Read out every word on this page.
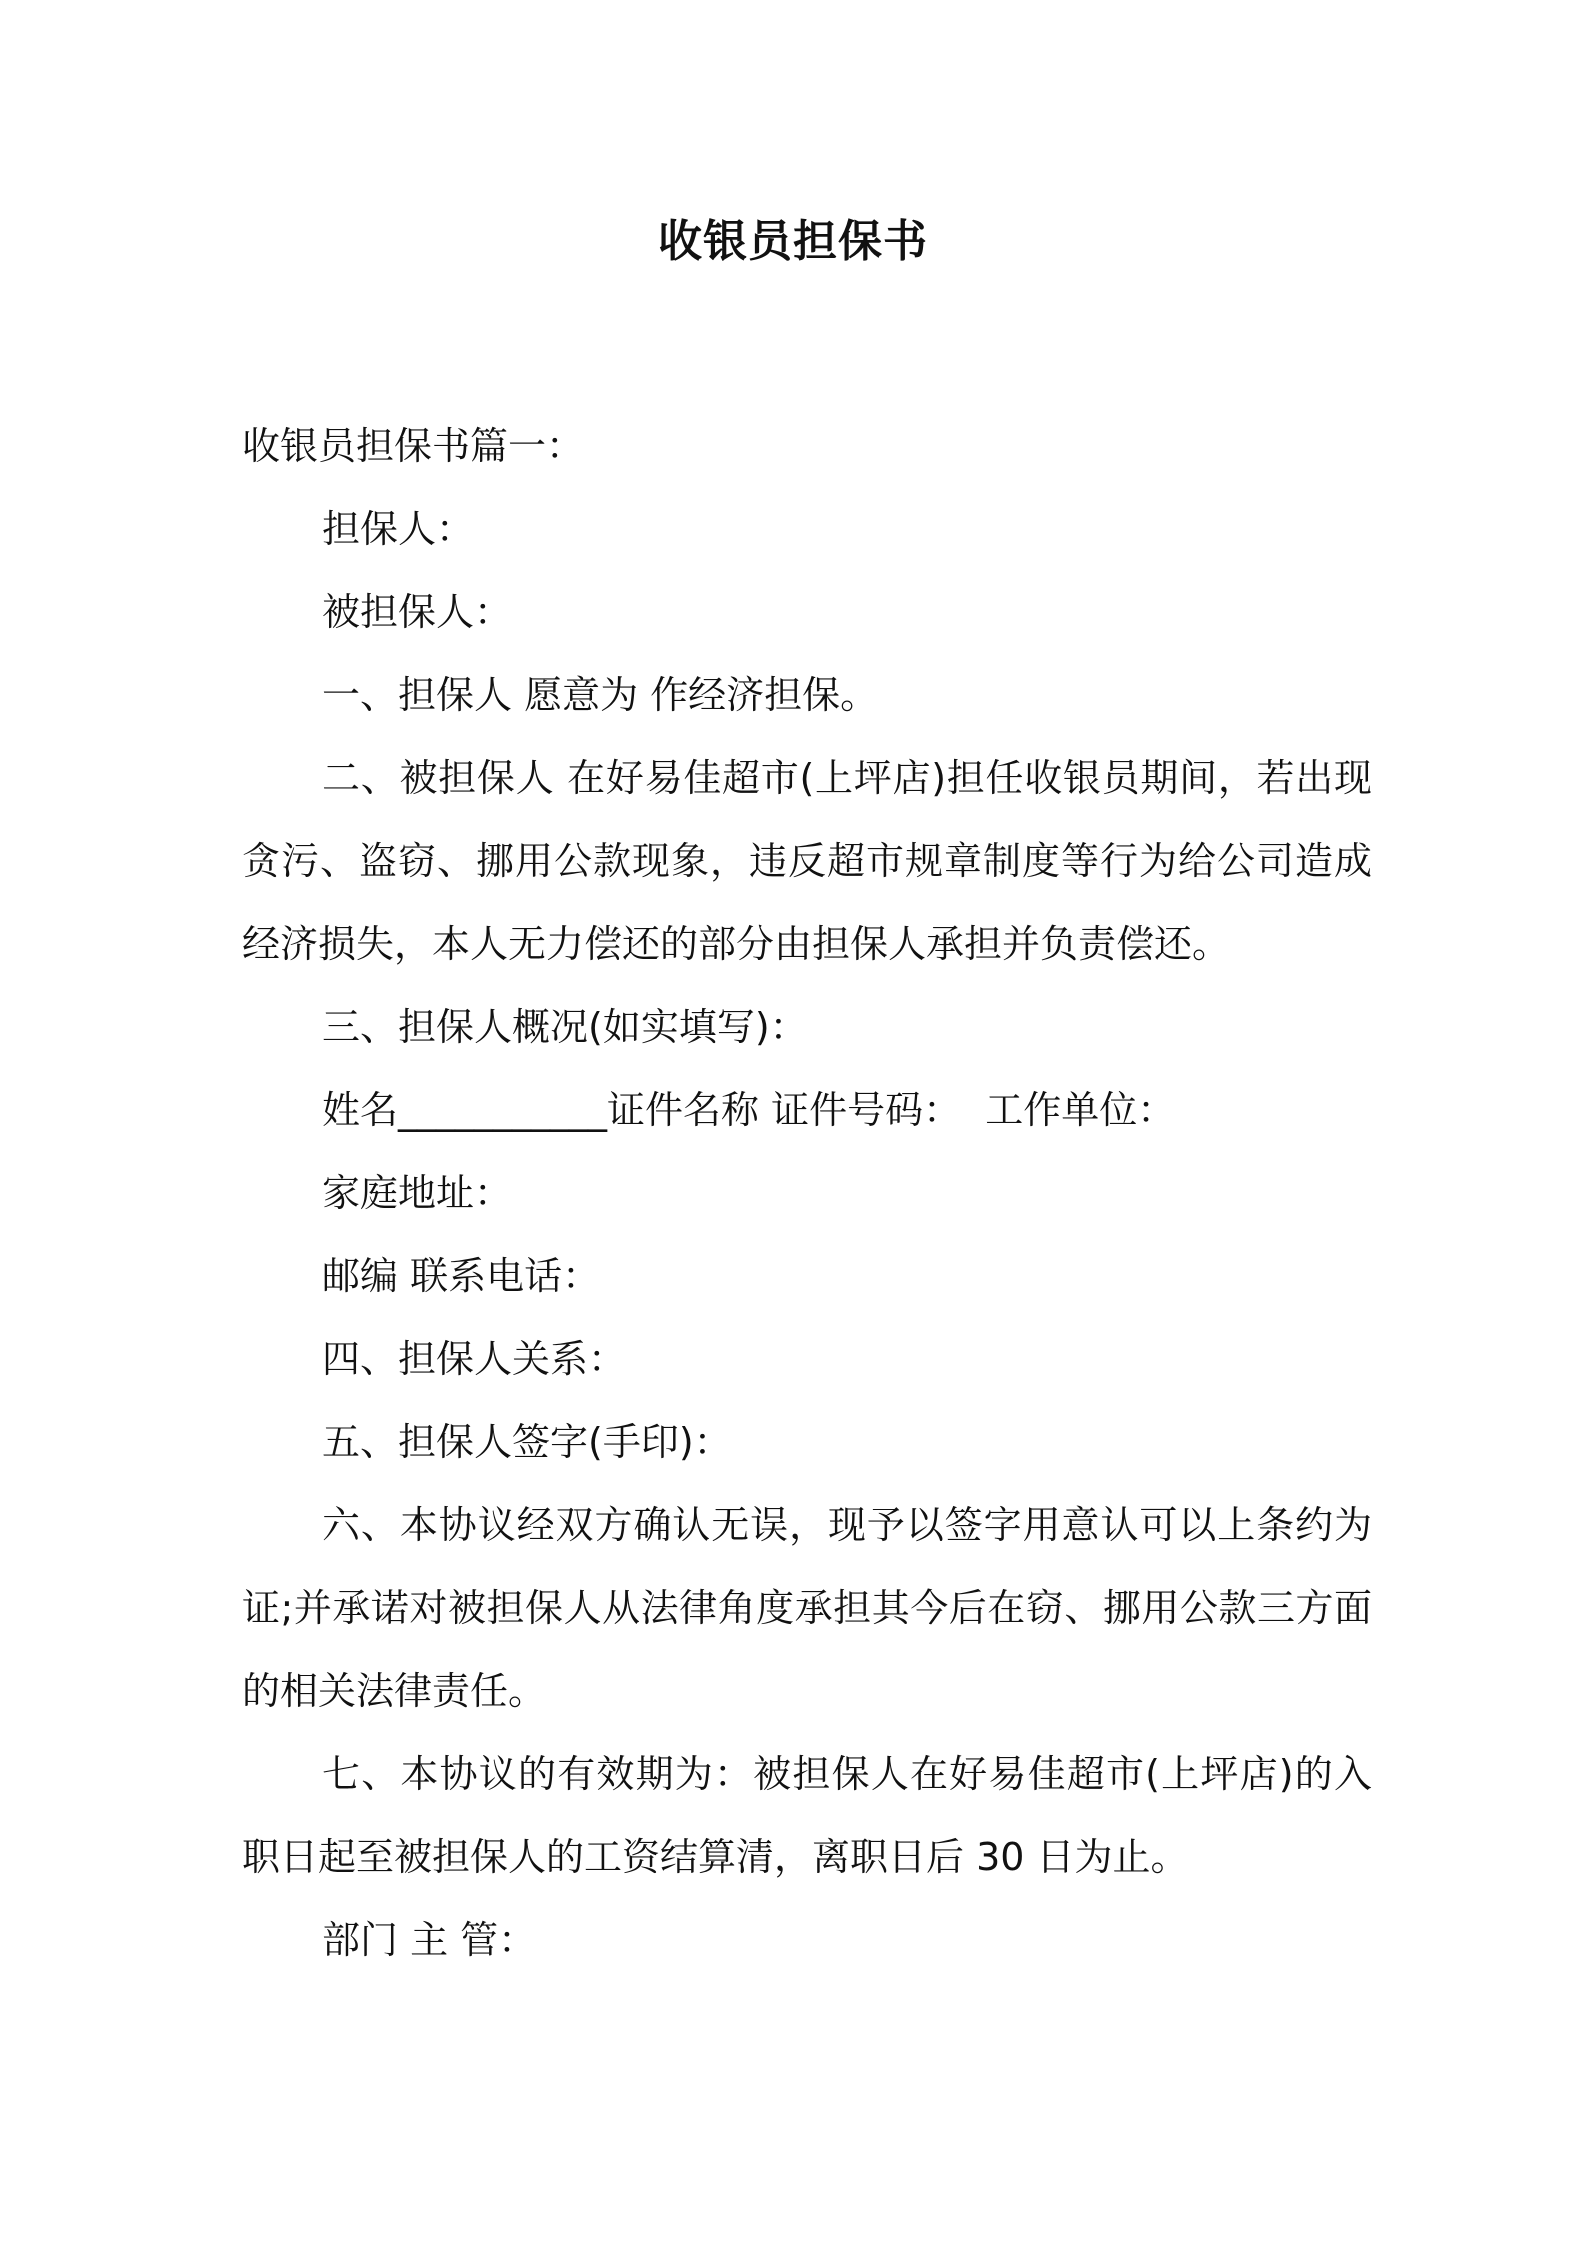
收银员担保书

收银员担保书篇一：

担保人：

被担保人：

一、担保人 愿意为 作经济担保。

二、被担保人 在好易佳超市(上坪店)担任收银员期间，若出现贪污、盗窃、挪用公款现象，违反超市规章制度等行为给公司造成经济损失，本人无力偿还的部分由担保人承担并负责偿还。

三、担保人概况(如实填写)：

姓名___________证件名称 证件号码：  工作单位：

家庭地址：

邮编 联系电话：

四、担保人关系：

五、担保人签字(手印)：

六、本协议经双方确认无误，现予以签字用意认可以上条约为证;并承诺对被担保人从法律角度承担其今后在窃、挪用公款三方面的相关法律责任。

七、本协议的有效期为：被担保人在好易佳超市(上坪店)的入职日起至被担保人的工资结算清，离职日后 30 日为止。

部门 主 管：
